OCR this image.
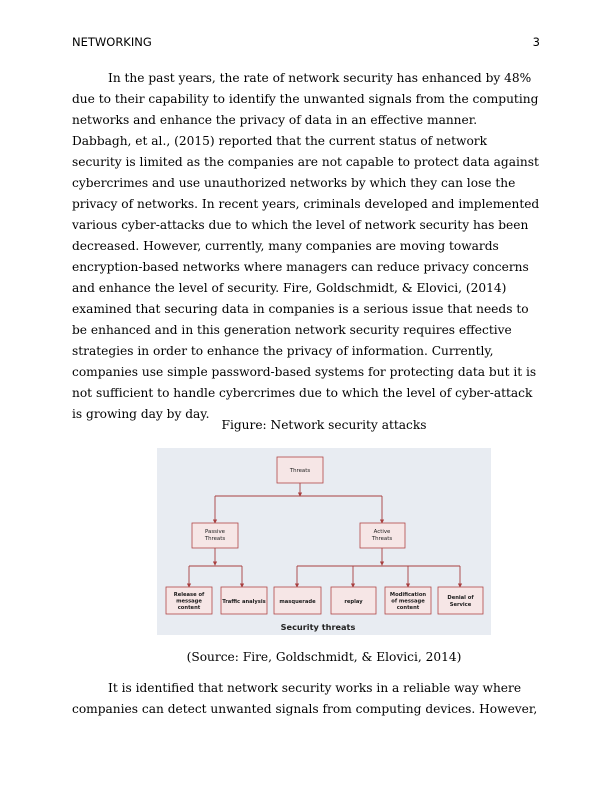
NETWORKING	3

In the past years, the rate of network security has enhanced by 48% due to their capability to identify the unwanted signals from the computing networks and enhance the privacy of data in an effective manner. Dabbagh, et al., (2015) reported that the current status of network security is limited as the companies are not capable to protect data against cybercrimes and use unauthorized networks by which they can lose the privacy of networks. In recent years, criminals developed and implemented various cyber-attacks due to which the level of network security has been decreased. However, currently, many companies are moving towards encryption-based networks where managers can reduce privacy concerns and enhance the level of security. Fire, Goldschmidt, & Elovici, (2014) examined that securing data in companies is a serious issue that needs to be enhanced and in this generation network security requires effective strategies in order to enhance the privacy of information. Currently, companies use simple password-based systems for protecting data but it is not sufficient to handle cybercrimes due to which the level of cyber-attack is growing day by day.

Figure: Network security attacks

Threats
Passive
Threats
Active
Threats
Release of
message
content
Traffic analysis	masquerade	replay
Modification
of message
content
Denial of
Service
Security threats

(Source: Fire, Goldschmidt, & Elovici, 2014)

It is identified that network security works in a reliable way where companies can detect unwanted signals from computing devices. However,
